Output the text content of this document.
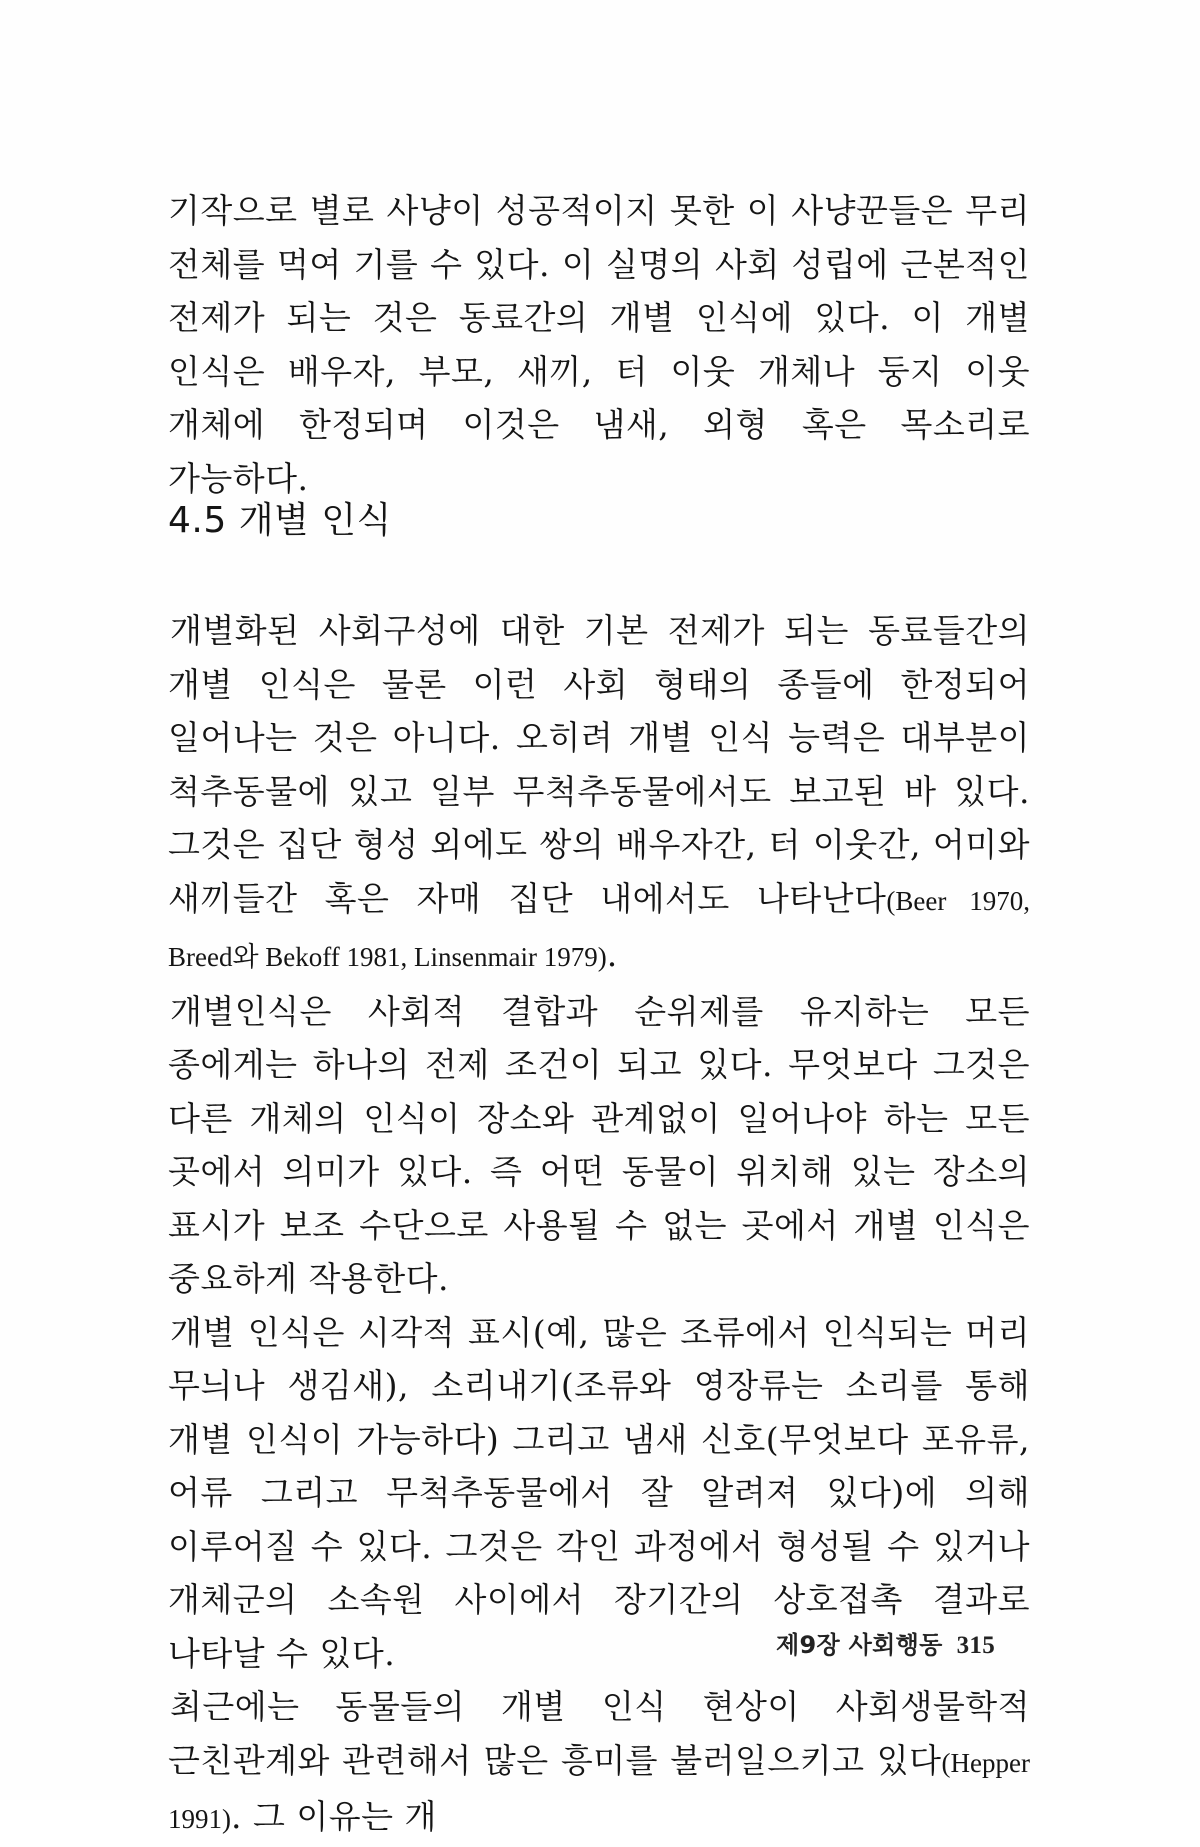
기작으로 별로 사냥이 성공적이지 못한 이 사냥꾼들은 무리 전체를 먹여 기를 수 있다. 이 실명의 사회 성립에 근본적인 전제가 되는 것은 동료간의 개별 인식에 있다. 이 개별 인식은 배우자, 부모, 새끼, 터 이웃 개체나 둥지 이웃 개체에 한정되며 이것은 냄새, 외형 혹은 목소리로 가능하다.

4.5 개별 인식

개별화된 사회구성에 대한 기본 전제가 되는 동료들간의 개별 인식은 물론 이런 사회 형태의 종들에 한정되어 일어나는 것은 아니다. 오히려 개별 인식 능력은 대부분이 척추동물에 있고 일부 무척추동물에서도 보고된 바 있다. 그것은 집단 형성 외에도 쌍의 배우자간, 터 이웃간, 어미와 새끼들간 혹은 자매 집단 내에서도 나타난다(Beer 1970, Breed와 Bekoff 1981, Linsenmair 1979).

개별인식은 사회적 결합과 순위제를 유지하는 모든 종에게는 하나의 전제 조건이 되고 있다. 무엇보다 그것은 다른 개체의 인식이 장소와 관계없이 일어나야 하는 모든 곳에서 의미가 있다. 즉 어떤 동물이 위치해 있는 장소의 표시가 보조 수단으로 사용될 수 없는 곳에서 개별 인식은 중요하게 작용한다.

개별 인식은 시각적 표시(예, 많은 조류에서 인식되는 머리 무늬나 생김새), 소리내기(조류와 영장류는 소리를 통해 개별 인식이 가능하다) 그리고 냄새 신호(무엇보다 포유류, 어류 그리고 무척추동물에서 잘 알려져 있다)에 의해 이루어질 수 있다. 그것은 각인 과정에서 형성될 수 있거나 개체군의 소속원 사이에서 장기간의 상호접촉 결과로 나타날 수 있다.

최근에는 동물들의 개별 인식 현상이 사회생물학적 근친관계와 관련해서 많은 흥미를 불러일으키고 있다(Hepper 1991). 그 이유는 개

제9장 사회행동 315
